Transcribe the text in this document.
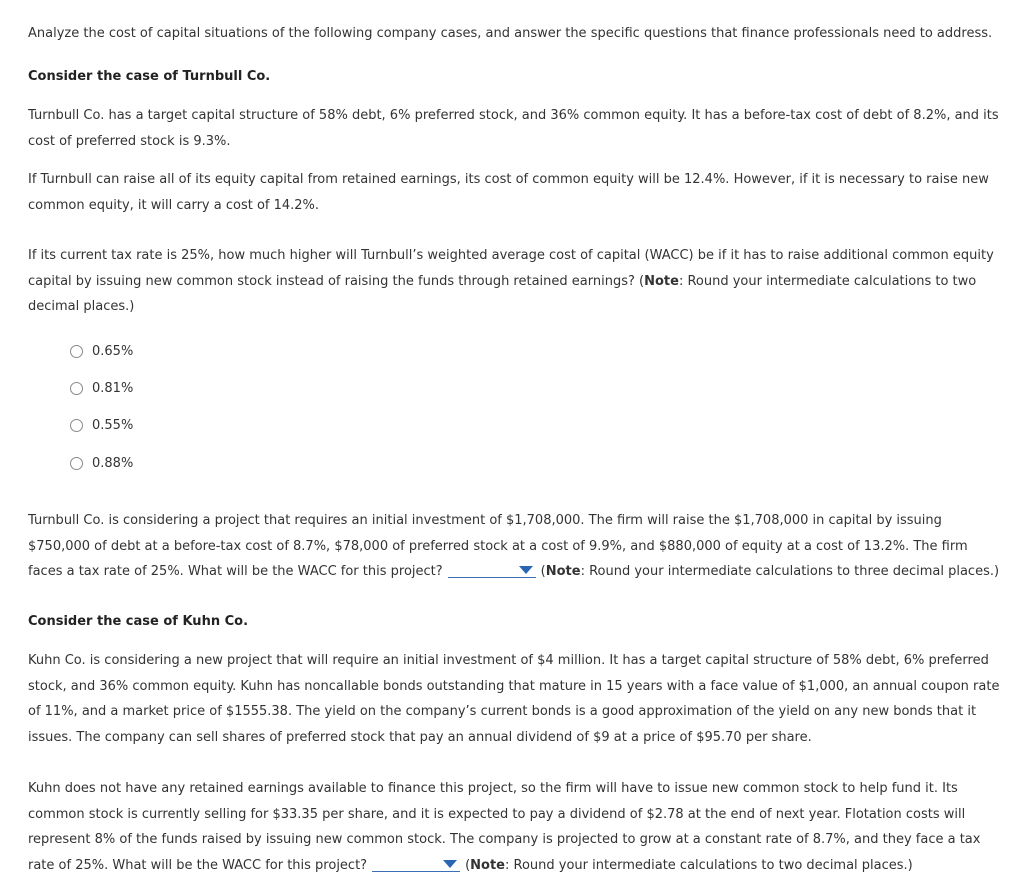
Analyze the cost of capital situations of the following company cases, and answer the specific questions that finance professionals need to address.

Consider the case of Turnbull Co.

Turnbull Co. has a target capital structure of 58% debt, 6% preferred stock, and 36% common equity. It has a before-tax cost of debt of 8.2%, and its cost of preferred stock is 9.3%.

If Turnbull can raise all of its equity capital from retained earnings, its cost of common equity will be 12.4%. However, if it is necessary to raise new common equity, it will carry a cost of 14.2%.

If its current tax rate is 25%, how much higher will Turnbull’s weighted average cost of capital (WACC) be if it has to raise additional common equity capital by issuing new common stock instead of raising the funds through retained earnings? (Note: Round your intermediate calculations to two decimal places.)

0.65%
0.81%
0.55%
0.88%

Turnbull Co. is considering a project that requires an initial investment of $1,708,000. The firm will raise the $1,708,000 in capital by issuing $750,000 of debt at a before-tax cost of 8.7%, $78,000 of preferred stock at a cost of 9.9%, and $880,000 of equity at a cost of 13.2%. The firm faces a tax rate of 25%. What will be the WACC for this project?	(Note: Round your intermediate calculations to three decimal places.)

Consider the case of Kuhn Co.

Kuhn Co. is considering a new project that will require an initial investment of $4 million. It has a target capital structure of 58% debt, 6% preferred stock, and 36% common equity. Kuhn has noncallable bonds outstanding that mature in 15 years with a face value of $1,000, an annual coupon rate of 11%, and a market price of $1555.38. The yield on the company’s current bonds is a good approximation of the yield on any new bonds that it issues. The company can sell shares of preferred stock that pay an annual dividend of $9 at a price of $95.70 per share.

Kuhn does not have any retained earnings available to finance this project, so the firm will have to issue new common stock to help fund it. Its common stock is currently selling for $33.35 per share, and it is expected to pay a dividend of $2.78 at the end of next year. Flotation costs will represent 8% of the funds raised by issuing new common stock. The company is projected to grow at a constant rate of 8.7%, and they face a tax rate of 25%. What will be the WACC for this project?	(Note: Round your intermediate calculations to two decimal places.)
